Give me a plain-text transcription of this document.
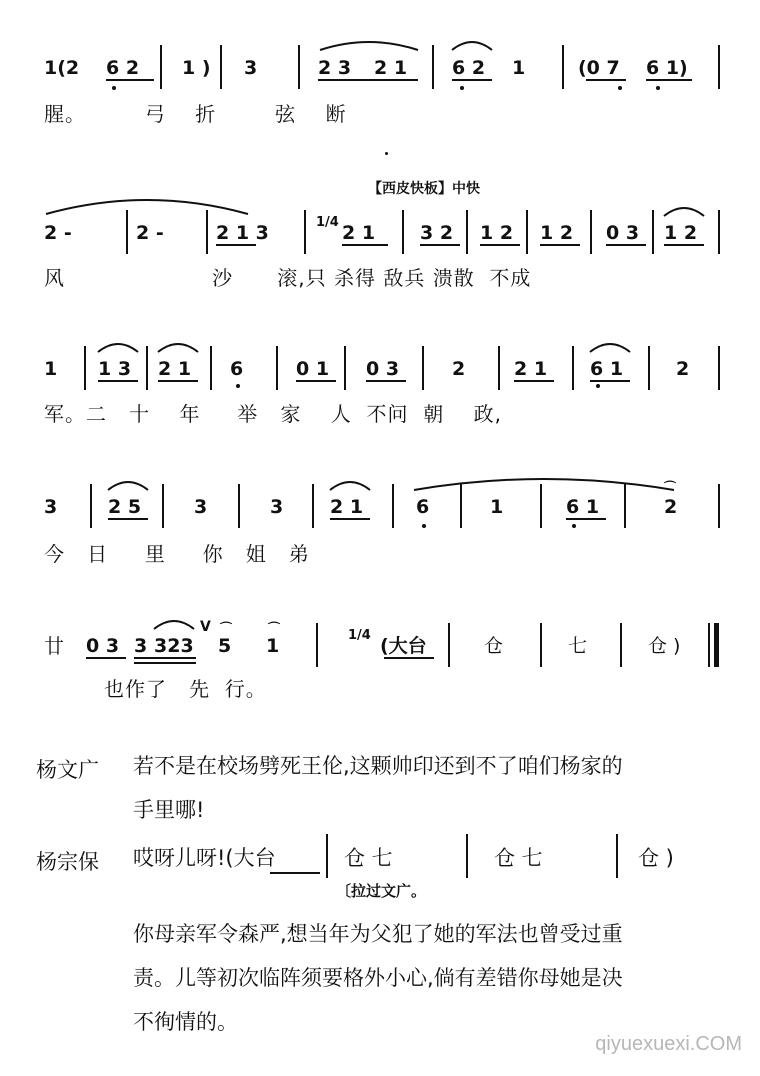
1(2 6 2 1 ) 3	2 3 2 1 6 2 1	(0 7 6 1)
腥。        弓    折        弦    断
【西皮快板】中快
2 -	2 -	2 1 3	1/4 2 1 3 2 1 2 1 2 0 3 1 2
风                    沙      滚,只 杀得 敌兵 溃散  不成
1 1 3 2 1 6	0 1 0 3	2	2 1 6 1	2
军。二   十    年     举   家    人  不问  朝    政,
3	2 5	3	3 2 1	6	1	6 1	2
⌒
今   日     里     你   姐   弟
廿 0 3 3 323
V
5 1	1/4 (大台	仓	七	仓 )
⌒	⌒
也作了   先  行。
杨文广 若不是在校场劈死王伦,这颗帅印还到不了咱们杨家的
手里哪!
杨宗保 哎呀儿呀!(大台	仓 七	仓 七	仓 )
〔拉过文广。
你母亲军令森严,想当年为父犯了她的军法也曾受过重
责。儿等初次临阵须要格外小心,倘有差错你母她是决
不徇情的。
qiyuexuexi.COM
